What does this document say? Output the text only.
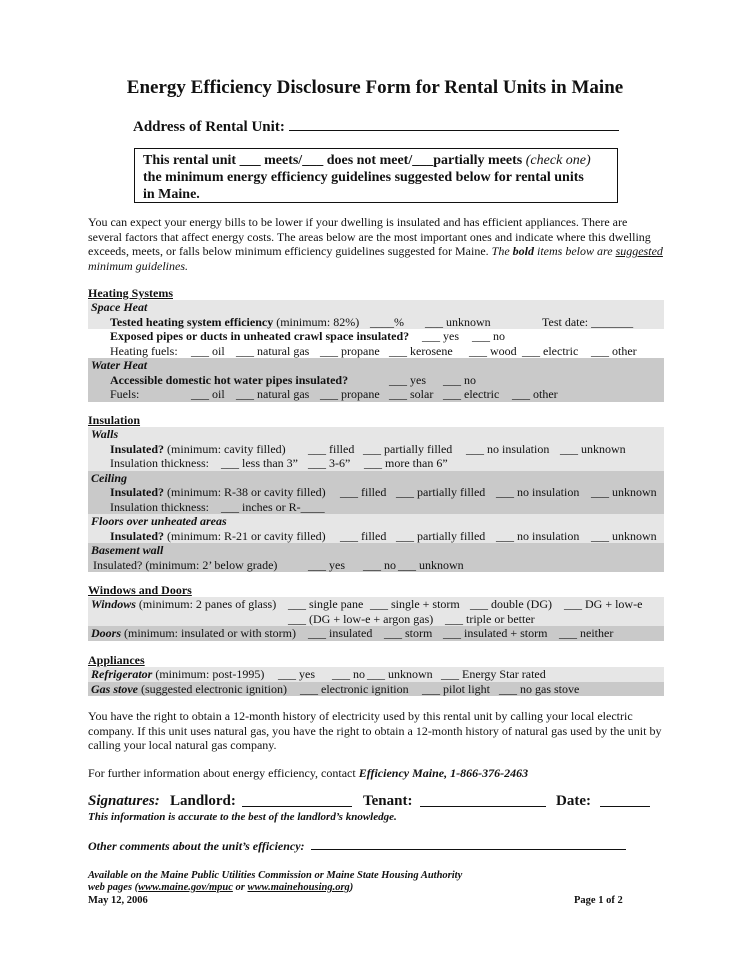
Energy Efficiency Disclosure Form for Rental Units in Maine
Address of Rental Unit:
This rental unit ___ meets/___ does not meet/___partially meets (check one)
the minimum energy efficiency guidelines suggested below for rental units
in Maine.
You can expect your energy bills to be lower if your dwelling is insulated and has efficient appliances. There are several factors that affect energy costs. The areas below are the most important ones and indicate where this dwelling exceeds, meets, or falls below minimum efficiency guidelines suggested for Maine. The bold items below are suggested minimum guidelines.
Heating Systems
Space Heat
Tested heating system efficiency (minimum: 82%) ____% ___ unknown	Test date: _______
Exposed pipes or ducts in unheated crawl space insulated? ___ yes ___ no
Heating fuels: ___ oil ___ natural gas ___ propane ___ kerosene ___ wood ___ electric ___ other
Water Heat
Accessible domestic hot water pipes insulated?	___ yes ___ no
Fuels:	___ oil ___ natural gas ___ propane ___ solar ___ electric ___ other
Insulation
Walls
Insulated? (minimum: cavity filled) ___ filled ___ partially filled ___ no insulation ___ unknown
Insulation thickness: ___ less than 3” ___ 3-6” ___ more than 6”
Ceiling
Insulated? (minimum: R-38 or cavity filled) ___ filled ___ partially filled ___ no insulation ___ unknown
Insulation thickness: ___ inches or R-____
Floors over unheated areas
Insulated? (minimum: R-21 or cavity filled) ___ filled ___ partially filled ___ no insulation ___ unknown
Basement wall
Insulated? (minimum: 2’ below grade)	___ yes ___ no ___ unknown
Windows and Doors
Windows (minimum: 2 panes of glass) ___ single pane ___ single + storm ___ double (DG) ___ DG + low-e
___ (DG + low-e + argon gas) ___ triple or better
Doors (minimum: insulated or with storm) ___ insulated ___ storm ___ insulated + storm ___ neither
Appliances
Refrigerator (minimum: post-1995) ___ yes ___ no ___ unknown ___ Energy Star rated
Gas stove (suggested electronic ignition) ___ electronic ignition ___ pilot light ___ no gas stove
You have the right to obtain a 12-month history of electricity used by this rental unit by calling your local electric company. If this unit uses natural gas, you have the right to obtain a 12-month history of natural gas used by the unit by calling your local natural gas company.
For further information about energy efficiency, contact Efficiency Maine, 1-866-376-2463
Signatures: Landlord:	Tenant:	Date:
This information is accurate to the best of the landlord’s knowledge.
Other comments about the unit’s efficiency:
Available on the Maine Public Utilities Commission or Maine State Housing Authority
web pages (www.maine.gov/mpuc or www.mainehousing.org)
May 12, 2006	Page 1 of 2
